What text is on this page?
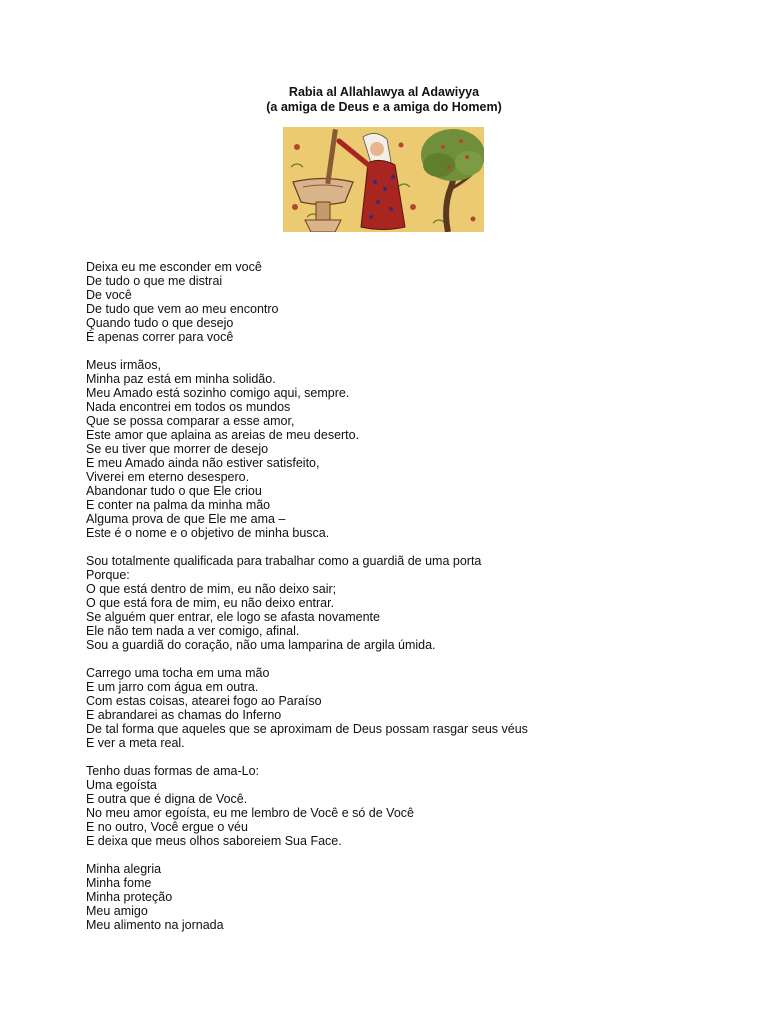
Rabia al Allahlawya al Adawiyya
(a amiga de Deus e a amiga do Homem)
Deixa eu me esconder em você
De tudo o que me distrai
De você
De tudo que vem ao meu encontro
Quando tudo o que desejo
É apenas correr para você
Meus irmãos,
Minha paz está em minha solidão.
Meu Amado está sozinho comigo aqui, sempre.
Nada encontrei em todos os mundos
Que se possa comparar a esse amor,
Este amor que aplaina as areias de meu deserto.
Se eu tiver que morrer de desejo
E meu Amado ainda não estiver satisfeito,
Viverei em eterno desespero.
Abandonar tudo o que Ele criou
E conter na palma da minha mão
Alguma prova de que Ele me ama –
Este é o nome e o objetivo de minha busca.
Sou totalmente qualificada para trabalhar como a guardiã de uma porta
Porque:
O que está dentro de mim, eu não deixo sair;
O que está fora de mim, eu não deixo entrar.
Se alguém quer entrar, ele logo se afasta novamente
Ele não tem nada a ver comigo, afinal.
Sou a guardiã do coração, não uma lamparina de argila úmida.
Carrego uma tocha em uma mão
E um jarro com água em outra.
Com estas coisas, atearei fogo ao Paraíso
E abrandarei as chamas do Inferno
De tal forma que aqueles que se aproximam de Deus possam rasgar seus véus
E ver a meta real.
Tenho duas formas de ama-Lo:
Uma egoísta
E outra que é digna de Você.
No meu amor egoísta, eu me lembro de Você e só de Você
E no outro, Você ergue o véu
E deixa que meus olhos saboreiem Sua Face.
Minha alegria
Minha fome
Minha proteção
Meu amigo
Meu alimento na jornada
